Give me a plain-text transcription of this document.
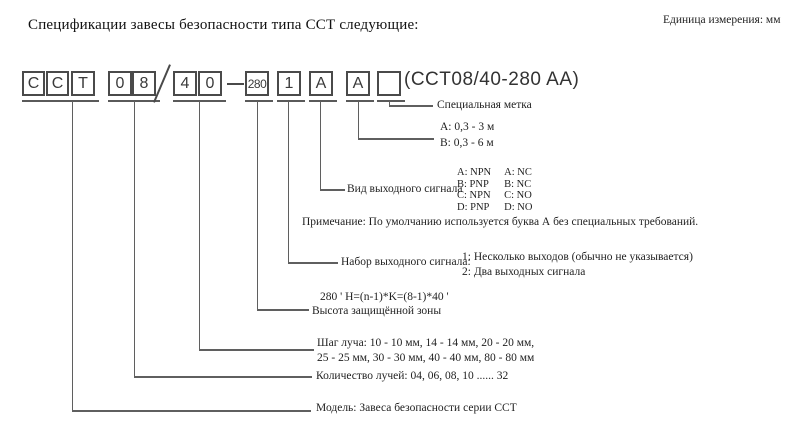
Спецификации завесы безопасности типа ССТ следующие:	Единица измерения: мм
C C T	0 8	4	0	280	1	A	A	(CCT08/40-280 AA)
Специальная метка
A: 0,3 - 3 м
B: 0,3 - 6 м
Вид выходного сигнала
A: NPN
B: PNP
C: NPN
D: PNP
A: NC
B: NC
C: NO
D: NO
Примечание: По умолчанию используется буква А без специальных требований.
Набор выходного сигнала:
1: Несколько выходов (обычно не указывается)
2: Два выходных сигнала
280 ' H=(n-1)*K=(8-1)*40 '
Высота защищённой зоны
Шаг луча: 10 - 10 мм, 14 - 14 мм, 20 - 20 мм,
25 - 25 мм, 30 - 30 мм, 40 - 40 мм, 80 - 80 мм
Количество лучей: 04, 06, 08, 10 ...... 32
Модель: Завеса безопасности серии ССТ
